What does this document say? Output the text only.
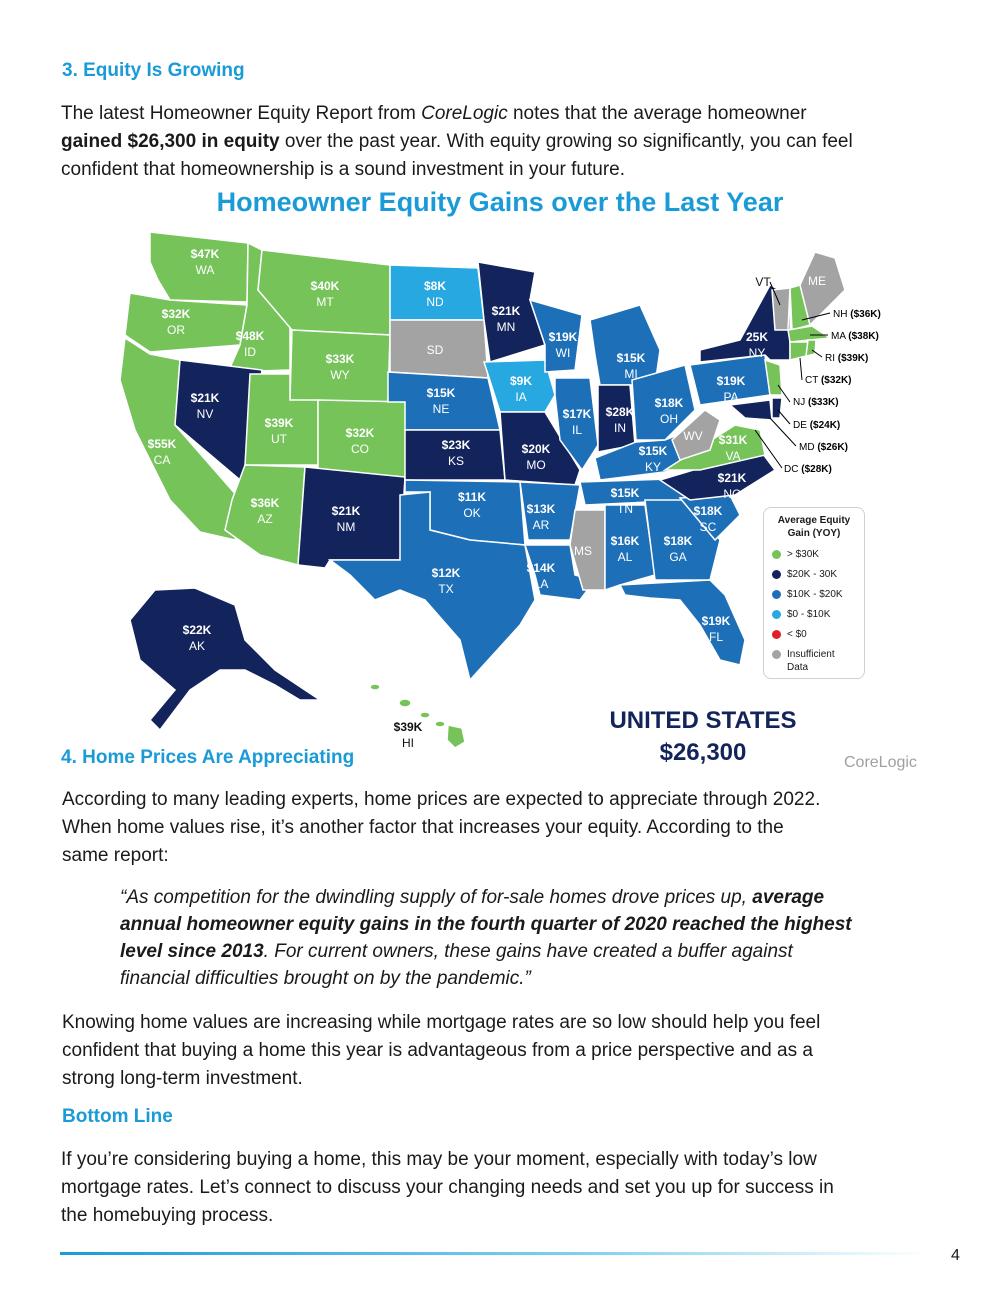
3. Equity Is Growing
The latest Homeowner Equity Report from CoreLogic notes that the average homeowner
gained $26,300 in equity over the past year. With equity growing so significantly, you can feel
confident that homeownership is a sound investment in your future.
Homeowner Equity Gains over the Last Year
$47K
WA
$32K
OR
$55K
CA
$48K
ID
$21K
NV
$40K
MT
$33K
WY
$39K
UT
$36K
AZ
$32K
CO
$21K
NM
$8K
ND
SD
$15K
NE
$23K
KS
$11K
OK
$12K
TX
$21K
MN
$9K
IA
$20K
MO
$13K
AR
$14K
LA
$19K
WI
$17K
IL
$15K
MI
$28K
IN
$18K
OH
$15K
KY
$15K
TN
MS
$16K
AL
$18K
GA
$19K
FL
$18K
SC
$21K
NC
$31K
VA
WV
$19K
PA
25K
NY
VT	ME
$22K
AK
$39K
HI
NH ($36K)
MA ($38K)
RI ($39K)
CT ($32K)
NJ ($33K)
DE ($24K)
MD ($26K)
DC ($28K)
Average Equity
Gain (YOY)
> $30K
$20K - 30K
$10K - $20K
$0 - $10K
< $0
Insufficient
Data
UNITED STATES
$26,300	CoreLogic
4. Home Prices Are Appreciating
According to many leading experts, home prices are expected to appreciate through 2022.
When home values rise, it’s another factor that increases your equity. According to the
same report:
“As competition for the dwindling supply of for-sale homes drove prices up, average
annual homeowner equity gains in the fourth quarter of 2020 reached the highest
level since 2013. For current owners, these gains have created a buffer against
financial difficulties brought on by the pandemic.”
Knowing home values are increasing while mortgage rates are so low should help you feel
confident that buying a home this year is advantageous from a price perspective and as a
strong long-term investment.
Bottom Line
If you’re considering buying a home, this may be your moment, especially with today’s low
mortgage rates. Let’s connect to discuss your changing needs and set you up for success in
the homebuying process.
4
